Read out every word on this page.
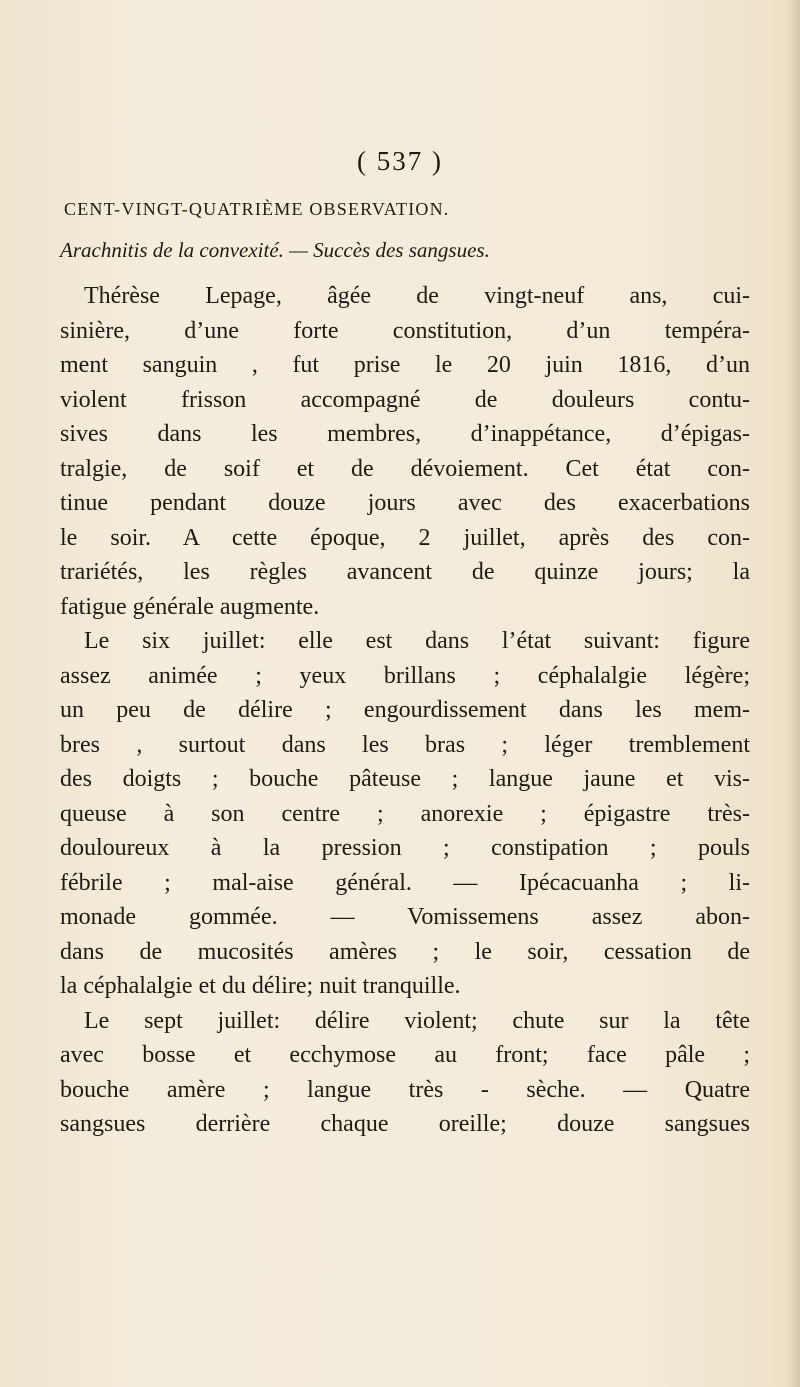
( 537 )
CENT-VINGT-QUATRIÈME OBSERVATION.
Arachnitis de la convexité. — Succès des sangsues.
Thérèse Lepage, âgée de vingt-neuf ans, cui-
sinière, d’une forte constitution, d’un tempéra-
ment sanguin , fut prise le 20 juin 1816, d’un
violent frisson accompagné de douleurs contu-
sives dans les membres, d’inappétance, d’épigas-
tralgie, de soif et de dévoiement. Cet état con-
tinue pendant douze jours avec des exacerbations
le soir. A cette époque, 2 juillet, après des con-
trariétés, les règles avancent de quinze jours; la
fatigue générale augmente.
Le six juillet: elle est dans l’état suivant: figure
assez animée ; yeux brillans ; céphalalgie légère;
un peu de délire ; engourdissement dans les mem-
bres , surtout dans les bras ; léger tremblement
des doigts ; bouche pâteuse ; langue jaune et vis-
queuse à son centre ; anorexie ; épigastre très-
douloureux à la pression ; constipation ; pouls
fébrile ; mal-aise général. — Ipécacuanha ; li-
monade gommée. — Vomissemens assez abon-
dans de mucosités amères ; le soir, cessation de
la céphalalgie et du délire; nuit tranquille.
Le sept juillet: délire violent; chute sur la tête
avec bosse et ecchymose au front; face pâle ;
bouche amère ; langue très - sèche. — Quatre
sangsues derrière chaque oreille; douze sangsues
